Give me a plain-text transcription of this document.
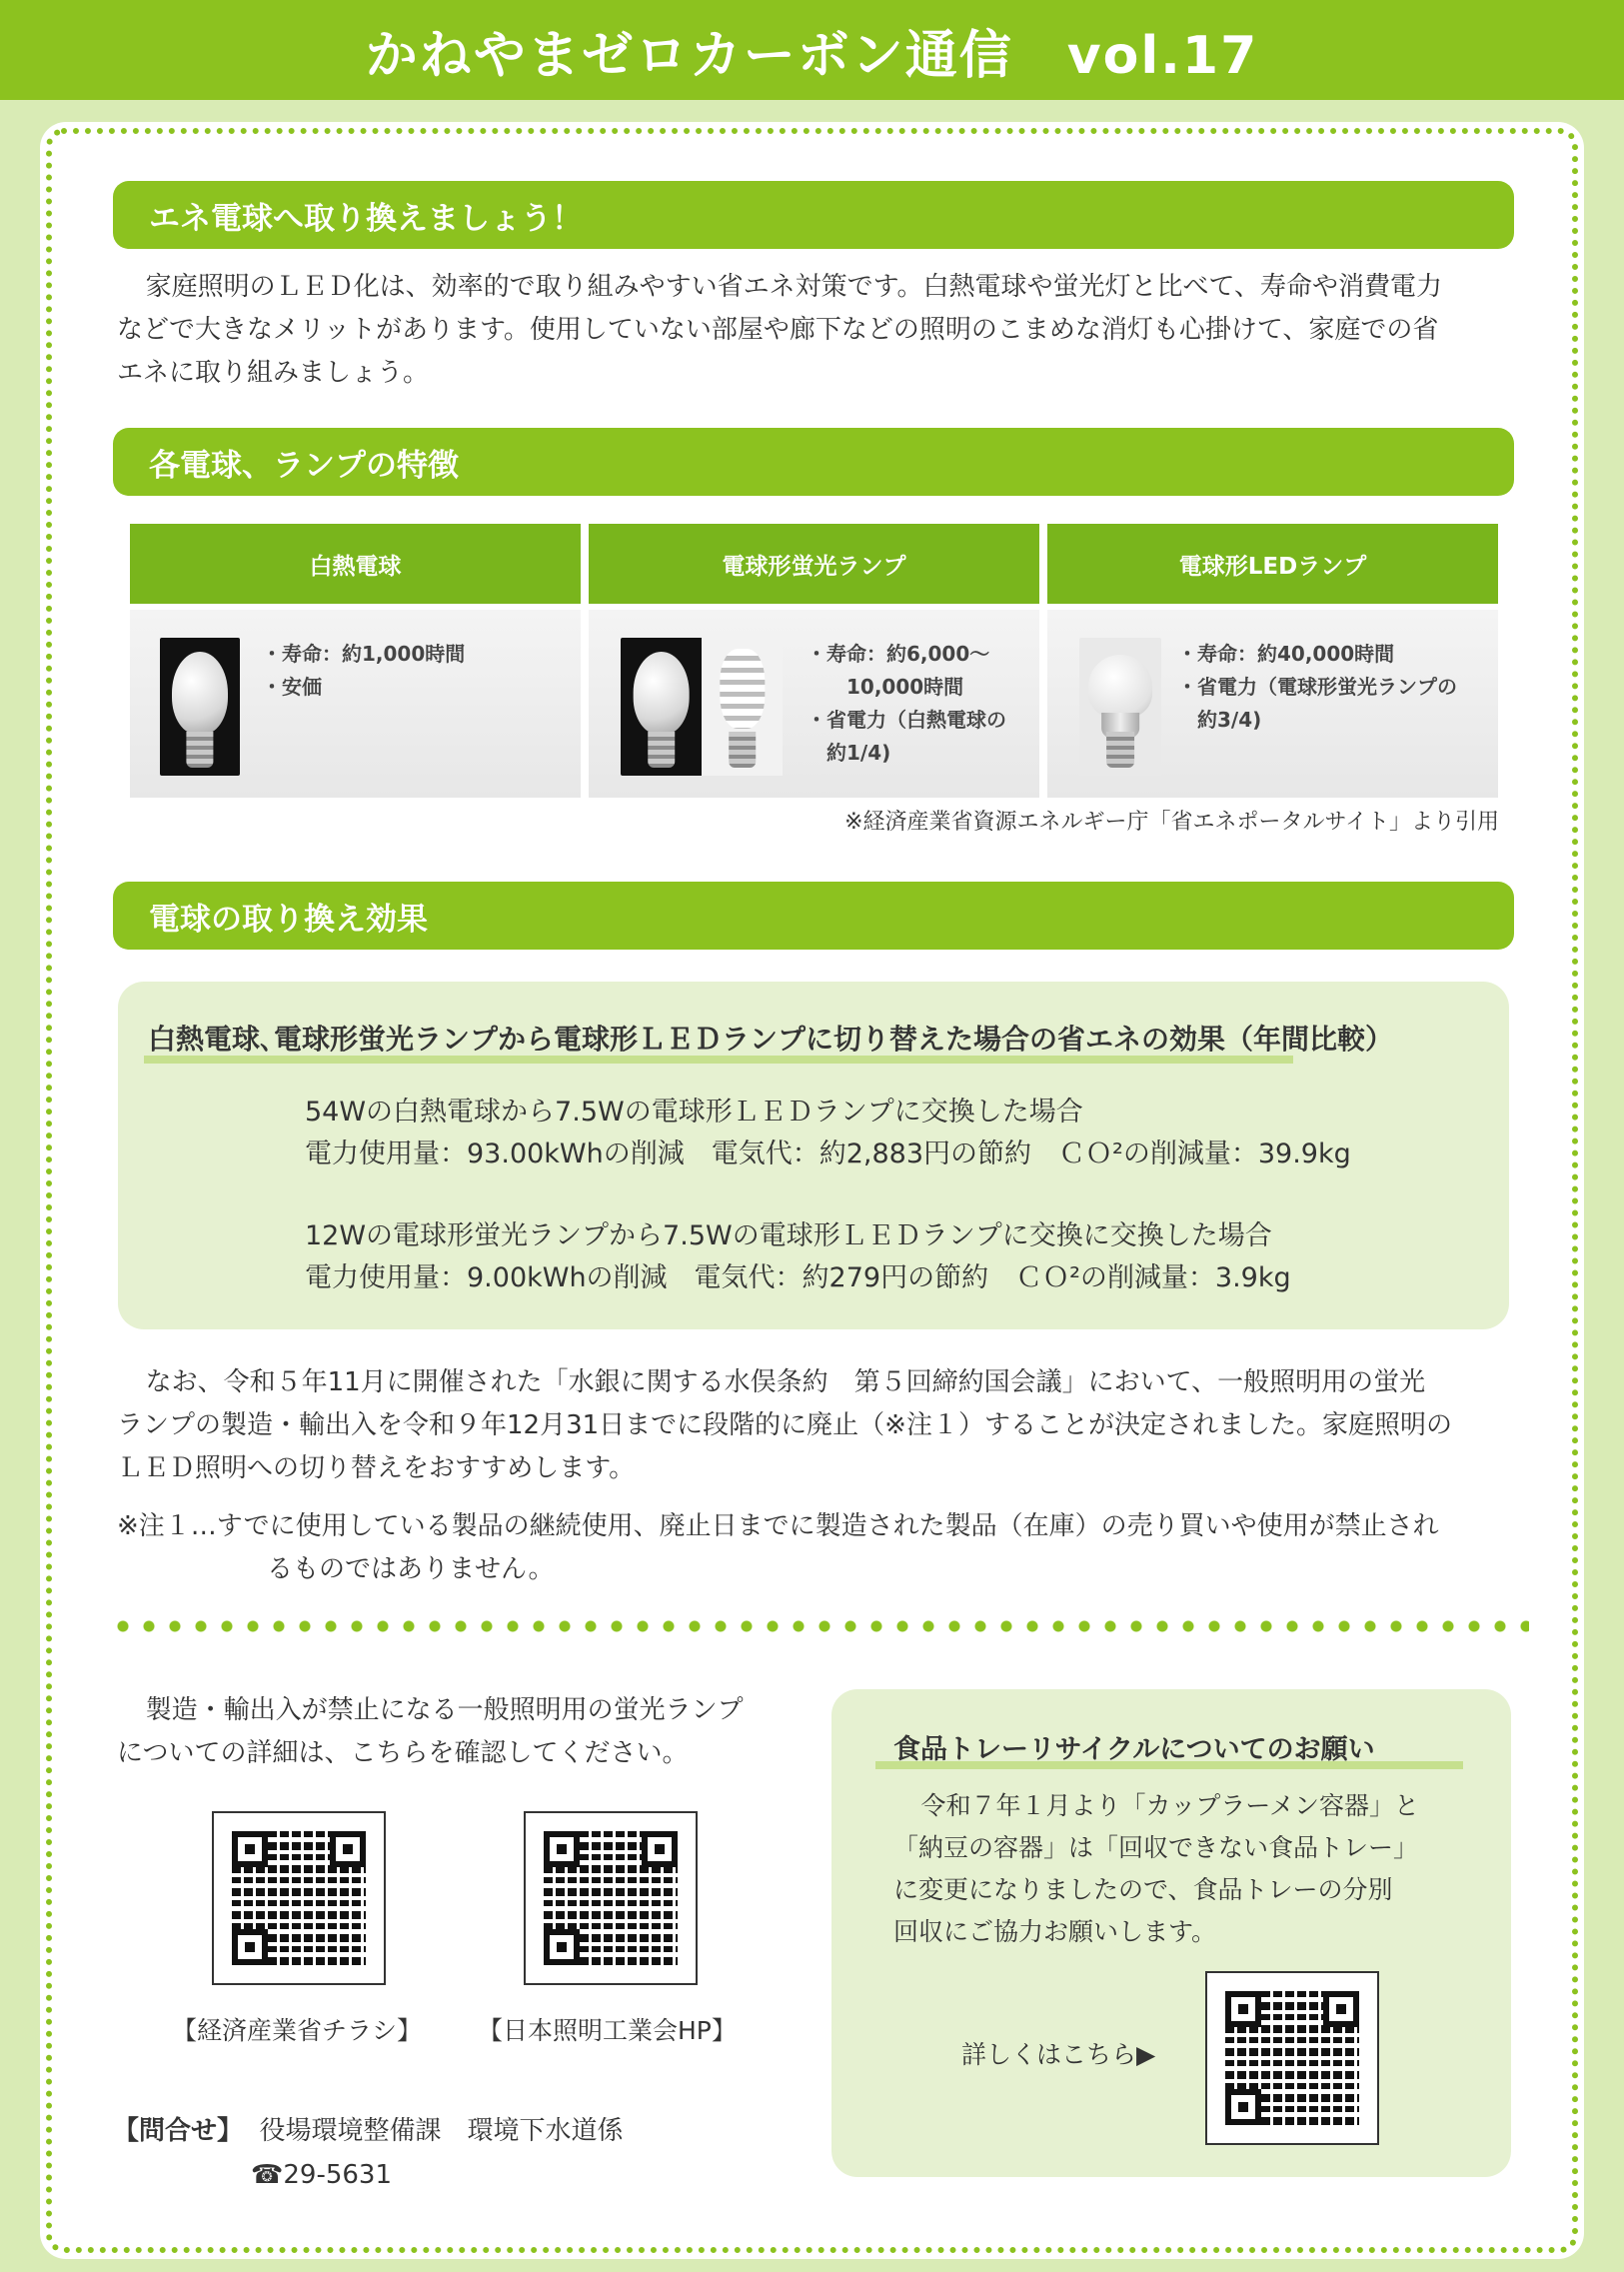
かねやまゼロカーボン通信　vol.17
エネ電球へ取り換えましょう！
家庭照明のＬＥＤ化は、効率的で取り組みやすい省エネ対策です。白熱電球や蛍光灯と比べて、寿命や消費電力
などで大きなメリットがあります。使用していない部屋や廊下などの照明のこまめな消灯も心掛けて、家庭での省
エネに取り組みましょう。
各電球、ランプの特徴
白熱電球
・寿命：約1,000時間
・安価
電球形蛍光ランプ
・寿命：約6,000～
　　10,000時間
・省電力（白熱電球の
　約1/4)
電球形LEDランプ
・寿命：約40,000時間
・省電力（電球形蛍光ランプの
　約3/4)
※経済産業省資源エネルギー庁「省エネポータルサイト」より引用
電球の取り換え効果
白熱電球､電球形蛍光ランプから電球形ＬＥＤランプに切り替えた場合の省エネの効果（年間比較）
54Wの白熱電球から7.5Wの電球形ＬＥＤランプに交換した場合
電力使用量：93.00kWhの削減　電気代：約2,883円の節約　ＣＯ²の削減量：39.9kg
12Wの電球形蛍光ランプから7.5Wの電球形ＬＥＤランプに交換に交換した場合
電力使用量：9.00kWhの削減　電気代：約279円の節約　ＣＯ²の削減量：3.9kg
なお、令和５年11月に開催された「水銀に関する水俣条約　第５回締約国会議」において、一般照明用の蛍光
ランプの製造・輸出入を令和９年12月31日までに段階的に廃止（※注１）することが決定されました。家庭照明の
ＬＥＤ照明への切り替えをおすすめします。
※注１…すでに使用している製品の継続使用、廃止日までに製造された製品（在庫）の売り買いや使用が禁止され
るものではありません。
製造・輸出入が禁止になる一般照明用の蛍光ランプ
についての詳細は、こちらを確認してください。
【経済産業省チラシ】 【日本照明工業会HP】
【問合せ】 役場環境整備課　環境下水道係
☎29-5631
食品トレーリサイクルについてのお願い
令和７年１月より「カップラーメン容器」と
「納豆の容器」は「回収できない食品トレー」
に変更になりましたので、食品トレーの分別
回収にご協力お願いします。
詳しくはこちら▶
